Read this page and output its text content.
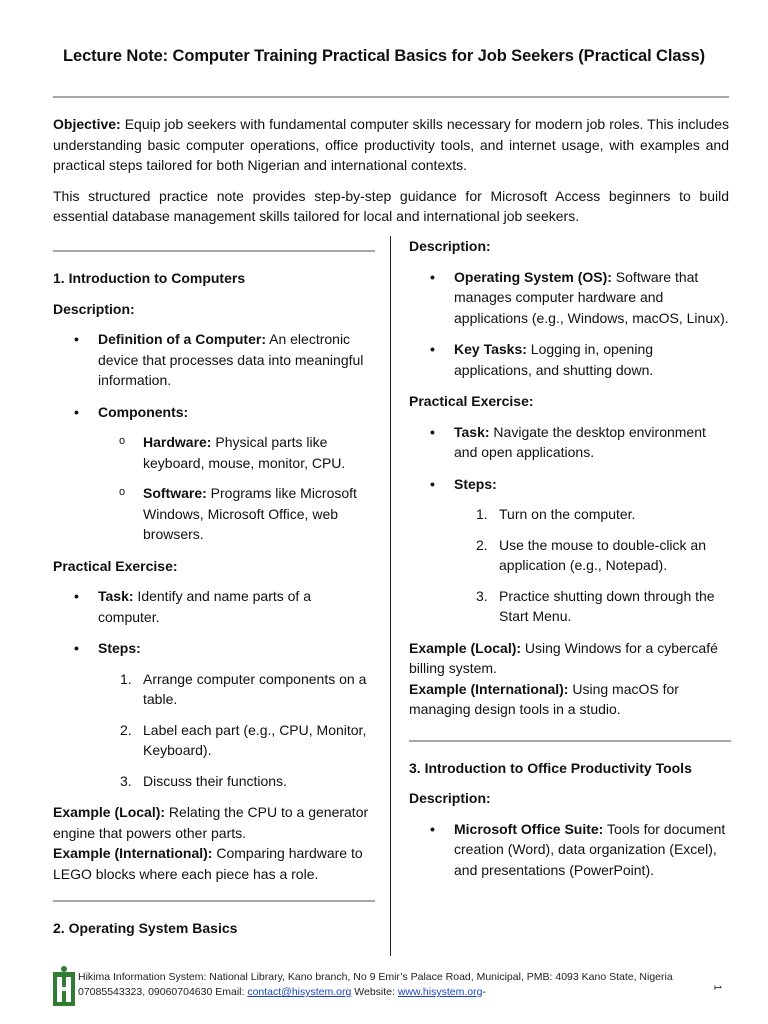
Lecture Note: Computer Training Practical Basics for Job Seekers (Practical Class)

Objective: Equip job seekers with fundamental computer skills necessary for modern job roles. This includes understanding basic computer operations, office productivity tools, and internet usage, with examples and practical steps tailored for both Nigerian and international contexts.

This structured practice note provides step-by-step guidance for Microsoft Access beginners to build essential database management skills tailored for local and international job seekers.

1. Introduction to Computers
Description:
• Definition of a Computer: An electronic device that processes data into meaningful information.
• Components:
o Hardware: Physical parts like keyboard, mouse, monitor, CPU.
o Software: Programs like Microsoft Windows, Microsoft Office, web browsers.
Practical Exercise:
• Task: Identify and name parts of a computer.
• Steps:
1. Arrange computer components on a table.
2. Label each part (e.g., CPU, Monitor, Keyboard).
3. Discuss their functions.
Example (Local): Relating the CPU to a generator engine that powers other parts.
Example (International): Comparing hardware to LEGO blocks where each piece has a role.
2. Operating System Basics
Description:
• Operating System (OS): Software that manages computer hardware and applications (e.g., Windows, macOS, Linux).
• Key Tasks: Logging in, opening applications, and shutting down.
Practical Exercise:
• Task: Navigate the desktop environment and open applications.
• Steps:
1. Turn on the computer.
2. Use the mouse to double-click an application (e.g., Notepad).
3. Practice shutting down through the Start Menu.
Example (Local): Using Windows for a cybercafé billing system.
Example (International): Using macOS for managing design tools in a studio.
3. Introduction to Office Productivity Tools
Description:
• Microsoft Office Suite: Tools for document creation (Word), data organization (Excel), and presentations (PowerPoint).
Hikima Information System: National Library, Kano branch, No 9 Emir’s Palace Road, Municipal, PMB: 4093 Kano State, Nigeria
07085543323, 09060704630 Email: contact@hisystem.org Website: www.hisystem.org-	1
